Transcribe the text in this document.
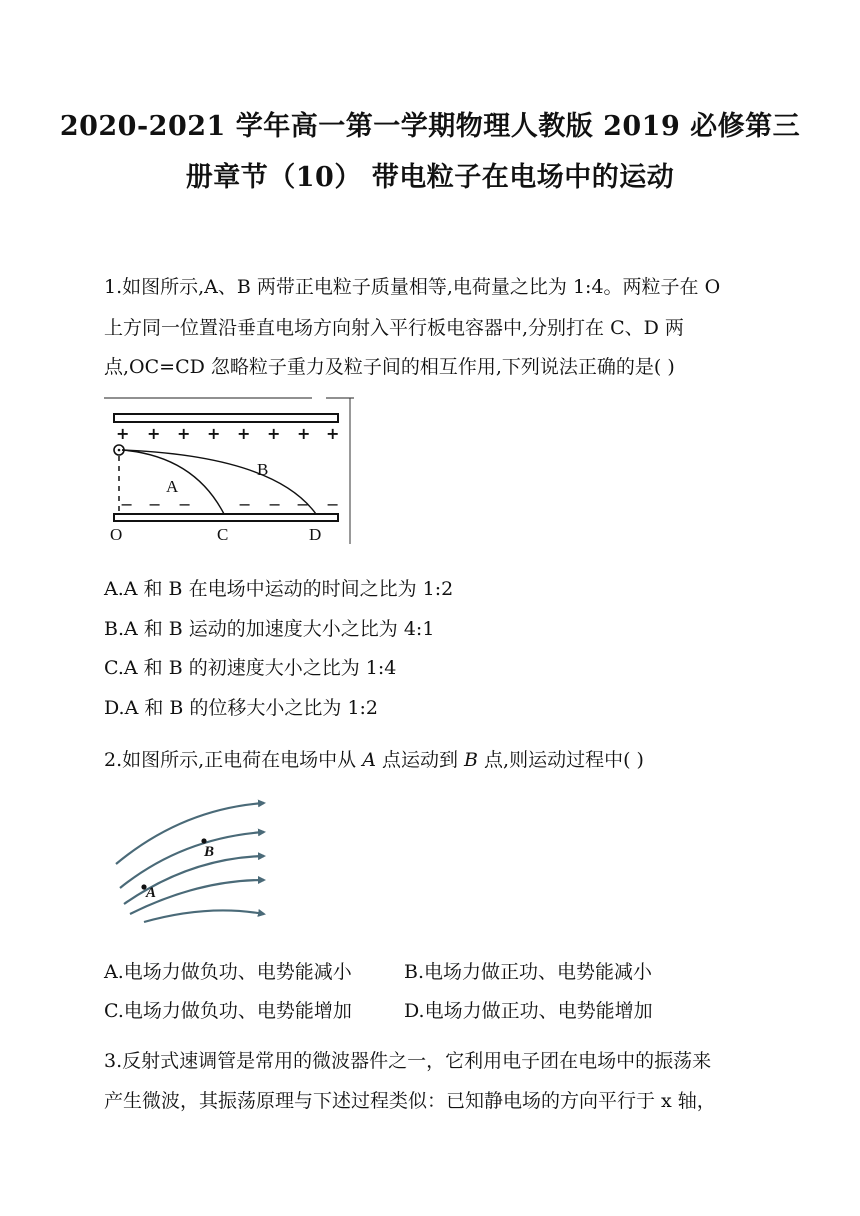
2020-2021 学年高一第一学期物理人教版 2019 必修第三
册章节（10） 带电粒子在电场中的运动
1.如图所示,A、B 两带正电粒子质量相等,电荷量之比为 1:4。两粒子在 O
上方同一位置沿垂直电场方向射入平行板电容器中,分别打在 C、D 两
点,OC=CD 忽略粒子重力及粒子间的相互作用,下列说法正确的是( )
+ + + + + + + +
− − −	− − − −
A
B
O	C	D
A.A 和 B 在电场中运动的时间之比为 1:2
B.A 和 B 运动的加速度大小之比为 4:1
C.A 和 B 的初速度大小之比为 1:4
D.A 和 B 的位移大小之比为 1:2
2.如图所示,正电荷在电场中从 A 点运动到 B 点,则运动过程中( )
B
A
A.电场力做负功、电势能减小	B.电场力做正功、电势能减小
C.电场力做负功、电势能增加	D.电场力做正功、电势能增加
3.反射式速调管是常用的微波器件之一，它利用电子团在电场中的振荡来
产生微波，其振荡原理与下述过程类似：已知静电场的方向平行于 x 轴，
